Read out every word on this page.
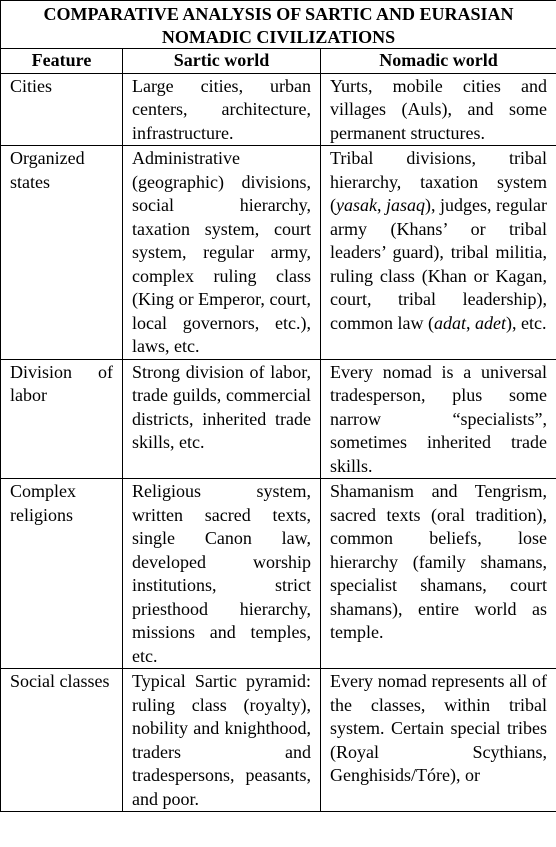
COMPARATIVE ANALYSIS OF SARTIC AND EURASIAN
NOMADIC CIVILIZATIONS		
Feature	Sartic world	Nomadic world
Cities	Large cities, urban centers, architecture, infrastructure.	Yurts, mobile cities and villages (Auls), and some permanent structures.
Organized states	Administrative (geographic) divisions, social hierarchy, taxation system, court system, regular army, complex ruling class (King or Emperor, court, local governors, etc.), laws, etc.	Tribal divisions, tribal hierarchy, taxation system (yasak, jasaq), judges, regular army (Khans’ or tribal leaders’ guard), tribal militia, ruling class (Khan or Kagan, court, tribal leadership), common law (adat, adet), etc.
Division of labor	Strong division of labor, trade guilds, commercial districts, inherited trade skills, etc.	Every nomad is a universal tradesperson, plus some narrow “specialists”, sometimes inherited trade skills.
Complex religions	Religious system, written sacred texts, single Canon law, developed worship institutions, strict priesthood hierarchy, missions and temples, etc.	Shamanism and Tengrism, sacred texts (oral tradition), common beliefs, lose hierarchy (family shamans, specialist shamans, court shamans), entire world as temple.
Social classes	Typical Sartic pyramid: ruling class (royalty), nobility and knighthood, traders and tradespersons, peasants, and poor.	Every nomad represents all of the classes, within tribal system. Certain special tribes (Royal Scythians, Genghisids/Tóre), or
